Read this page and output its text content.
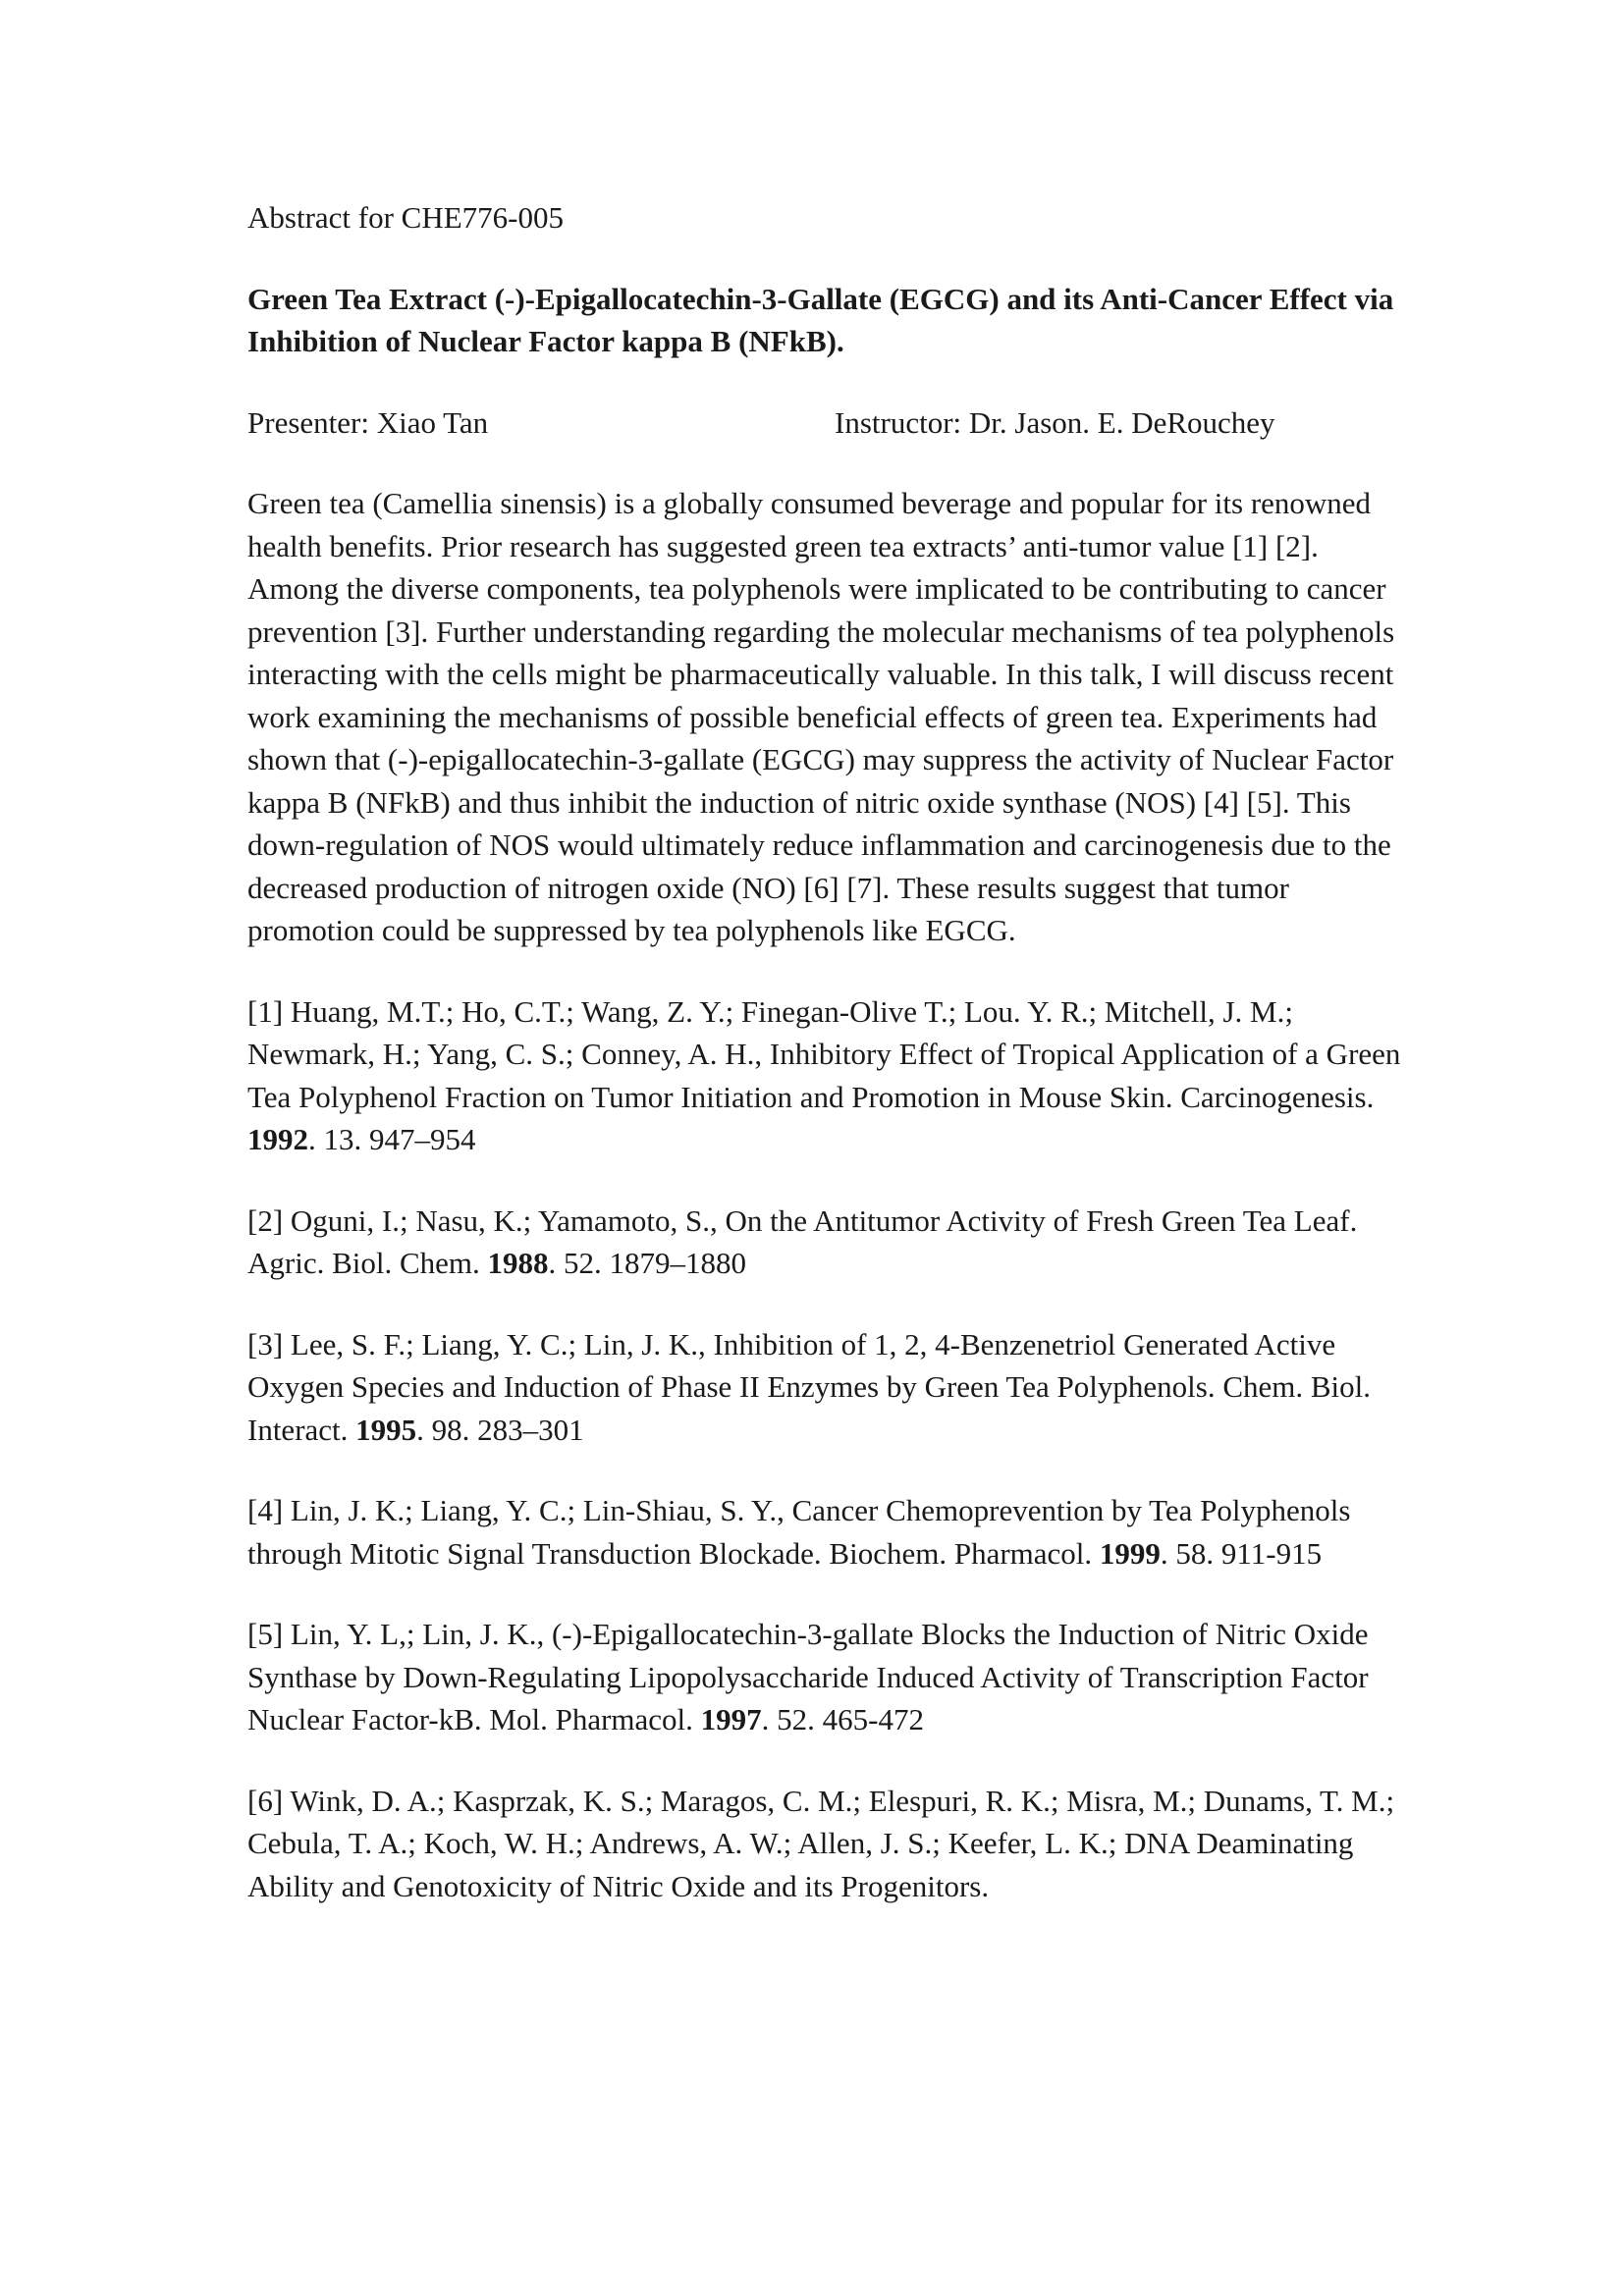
Abstract for CHE776-005

Green Tea Extract (-)-Epigallocatechin-3-Gallate (EGCG) and its Anti-Cancer Effect via Inhibition of Nuclear Factor kappa B (NFkB).

Presenter: Xiao Tan	Instructor: Dr. Jason. E. DeRouchey

Green tea (Camellia sinensis) is a globally consumed beverage and popular for its renowned health benefits. Prior research has suggested green tea extracts’ anti-tumor value [1] [2]. Among the diverse components, tea polyphenols were implicated to be contributing to cancer prevention [3]. Further understanding regarding the molecular mechanisms of tea polyphenols interacting with the cells might be pharmaceutically valuable. In this talk, I will discuss recent work examining the mechanisms of possible beneficial effects of green tea. Experiments had shown that (-)-epigallocatechin-3-gallate (EGCG) may suppress the activity of Nuclear Factor kappa B (NFkB) and thus inhibit the induction of nitric oxide synthase (NOS) [4] [5]. This down-regulation of NOS would ultimately reduce inflammation and carcinogenesis due to the decreased production of nitrogen oxide (NO) [6] [7]. These results suggest that tumor promotion could be suppressed by tea polyphenols like EGCG.

[1] Huang, M.T.; Ho, C.T.; Wang, Z. Y.; Finegan-Olive T.; Lou. Y. R.; Mitchell, J. M.; Newmark, H.; Yang, C. S.; Conney, A. H., Inhibitory Effect of Tropical Application of a Green Tea Polyphenol Fraction on Tumor Initiation and Promotion in Mouse Skin. Carcinogenesis. 1992. 13. 947–954

[2] Oguni, I.; Nasu, K.; Yamamoto, S., On the Antitumor Activity of Fresh Green Tea Leaf. Agric. Biol. Chem. 1988. 52. 1879–1880

[3] Lee, S. F.; Liang, Y. C.; Lin, J. K., Inhibition of 1, 2, 4-Benzenetriol Generated Active Oxygen Species and Induction of Phase II Enzymes by Green Tea Polyphenols. Chem. Biol. Interact. 1995. 98. 283–301

[4] Lin, J. K.; Liang, Y. C.; Lin-Shiau, S. Y., Cancer Chemoprevention by Tea Polyphenols through Mitotic Signal Transduction Blockade. Biochem. Pharmacol. 1999. 58. 911-915

[5] Lin, Y. L,; Lin, J. K., (-)-Epigallocatechin-3-gallate Blocks the Induction of Nitric Oxide Synthase by Down-Regulating Lipopolysaccharide Induced Activity of Transcription Factor Nuclear Factor-kB. Mol. Pharmacol. 1997. 52. 465-472

[6] Wink, D. A.; Kasprzak, K. S.; Maragos, C. M.; Elespuri, R. K.; Misra, M.; Dunams, T. M.; Cebula, T. A.; Koch, W. H.; Andrews, A. W.; Allen, J. S.; Keefer, L. K.; DNA Deaminating Ability and Genotoxicity of Nitric Oxide and its Progenitors.
